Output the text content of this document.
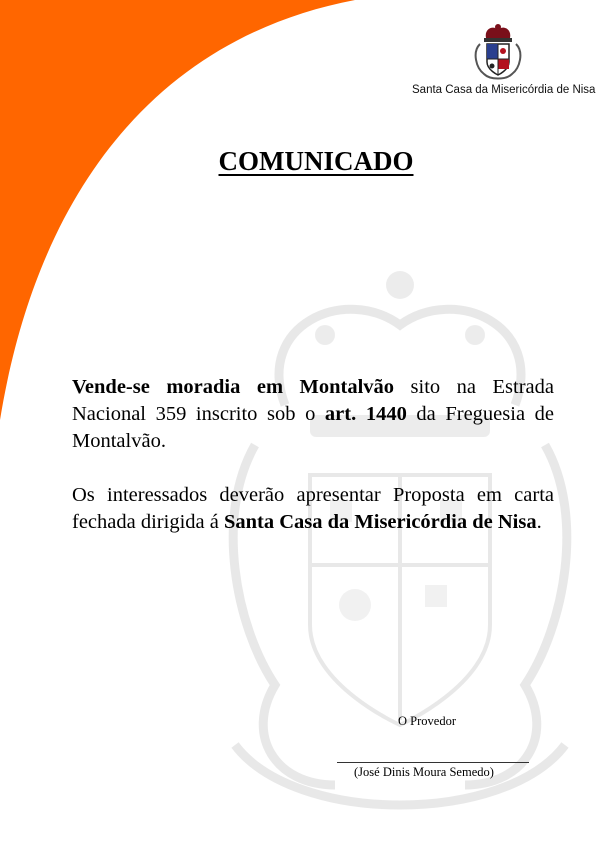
Santa Casa da Misericórdia de Nisa
COMUNICADO

Vende-se moradia em Montalvão sito na Estrada Nacional 359 inscrito sob o art. 1440 da Freguesia de Montalvão.

Os interessados deverão apresentar Proposta em carta fechada dirigida á Santa Casa da Misericórdia de Nisa.

O Provedor
(José Dinis Moura Semedo)
